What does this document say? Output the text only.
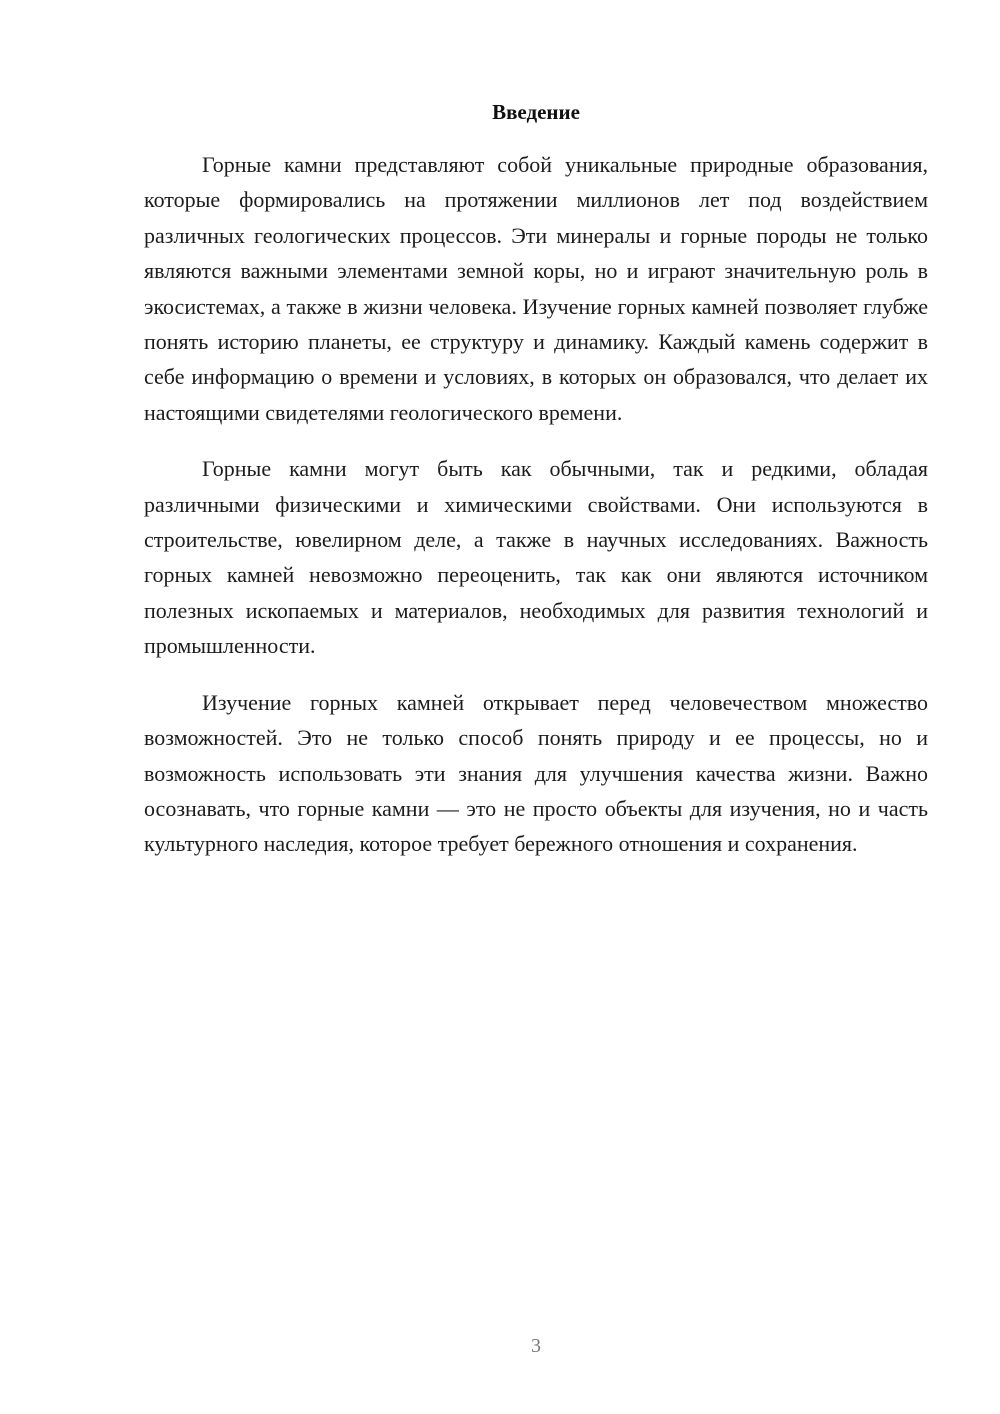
Введение

Горные камни представляют собой уникальные природные образования, которые формировались на протяжении миллионов лет под воздействием различных геологических процессов. Эти минералы и горные породы не только являются важными элементами земной коры, но и играют значительную роль в экосистемах, а также в жизни человека. Изучение горных камней позволяет глубже понять историю планеты, ее структуру и динамику. Каждый камень содержит в себе информацию о времени и условиях, в которых он образовался, что делает их настоящими свидетелями геологического времени.

Горные камни могут быть как обычными, так и редкими, обладая различными физическими и химическими свойствами. Они используются в строительстве, ювелирном деле, а также в научных исследованиях. Важность горных камней невозможно переоценить, так как они являются источником полезных ископаемых и материалов, необходимых для развития технологий и промышленности.

Изучение горных камней открывает перед человечеством множество возможностей. Это не только способ понять природу и ее процессы, но и возможность использовать эти знания для улучшения качества жизни. Важно осознавать, что горные камни — это не просто объекты для изучения, но и часть культурного наследия, которое требует бережного отношения и сохранения.

3
